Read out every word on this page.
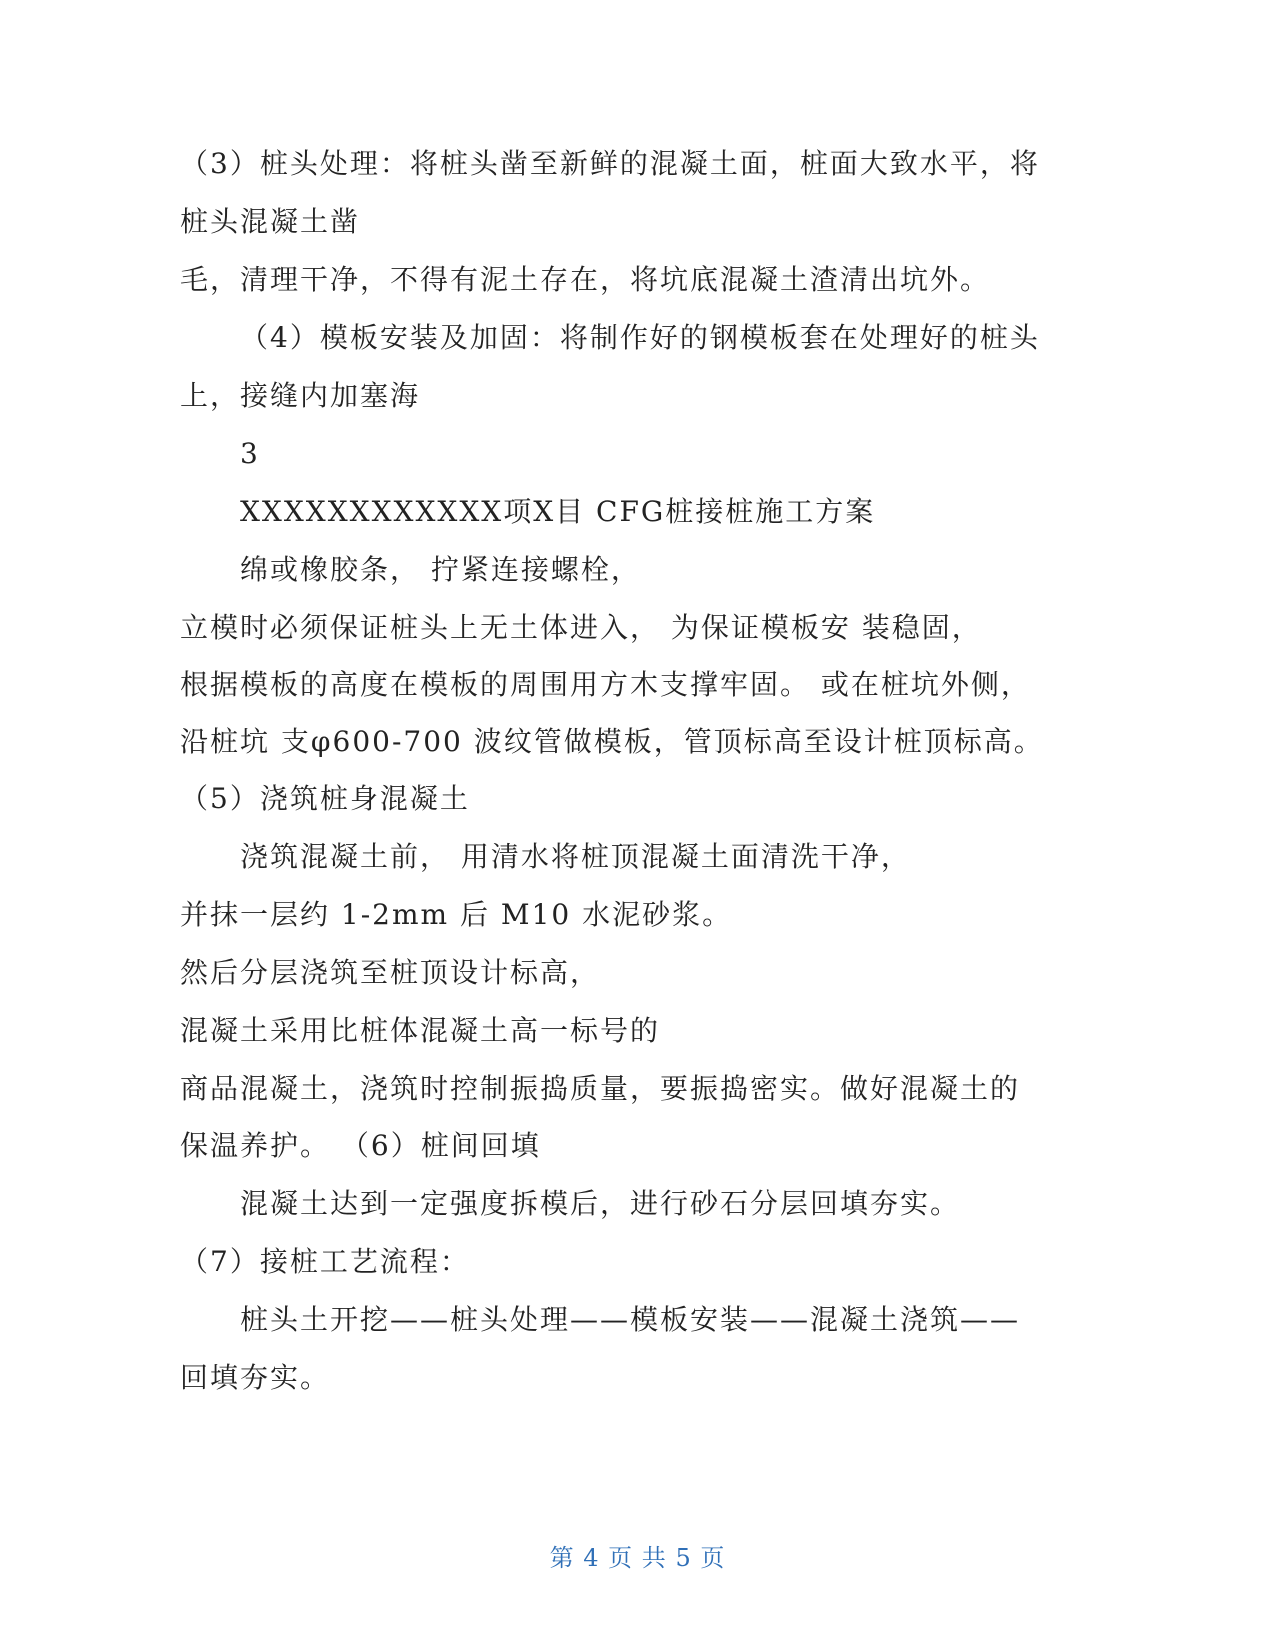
（3）桩头处理：将桩头凿至新鲜的混凝土面，桩面大致水平，将
桩头混凝土凿
毛，清理干净，不得有泥土存在，将坑底混凝土渣清出坑外。
（4）模板安装及加固：将制作好的钢模板套在处理好的桩头
上，接缝内加塞海
3
XXXXXXXXXXXX项X目 CFG桩接桩施工方案
绵或橡胶条， 拧紧连接螺栓，
立模时必须保证桩头上无土体进入， 为保证模板安 装稳固，
根据模板的高度在模板的周围用方木支撑牢固。 或在桩坑外侧，
沿桩坑 支φ600-700 波纹管做模板，管顶标高至设计桩顶标高。
（5）浇筑桩身混凝土
浇筑混凝土前， 用清水将桩顶混凝土面清洗干净，
并抹一层约 1-2mm 后 M10 水泥砂浆。
然后分层浇筑至桩顶设计标高，
混凝土采用比桩体混凝土高一标号的
商品混凝土，浇筑时控制振捣质量，要振捣密实。做好混凝土的
保温养护。 （6）桩间回填
混凝土达到一定强度拆模后，进行砂石分层回填夯实。
（7）接桩工艺流程：
桩头土开挖——桩头处理——模板安装——混凝土浇筑——
回填夯实。
第 4 页 共 5 页
